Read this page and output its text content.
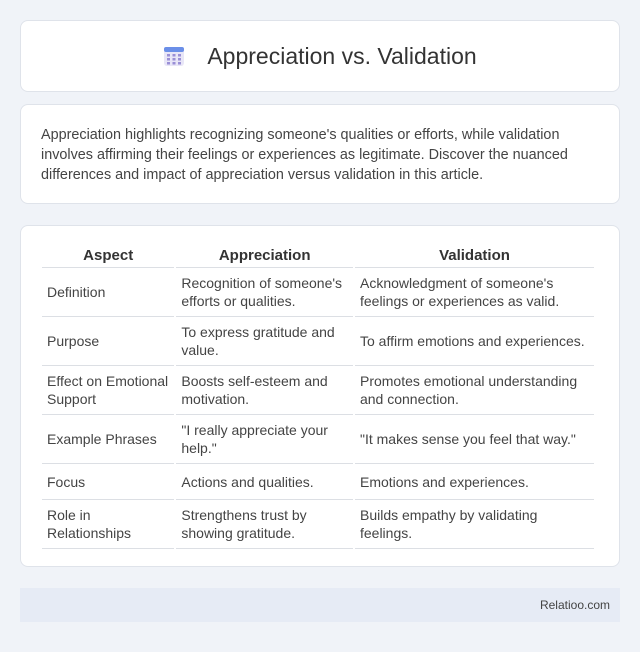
Appreciation vs. Validation

Appreciation highlights recognizing someone's qualities or efforts, while validation involves affirming their feelings or experiences as legitimate. Discover the nuanced differences and impact of appreciation versus validation in this article.

Aspect	Appreciation	Validation
Definition	Recognition of someone's efforts or qualities.	Acknowledgment of someone's feelings or experiences as valid.
Purpose	To express gratitude and value.	To affirm emotions and experiences.
Effect on Emotional Support	Boosts self-esteem and motivation.	Promotes emotional understanding and connection.
Example Phrases	"I really appreciate your help."	"It makes sense you feel that way."
Focus	Actions and qualities.	Emotions and experiences.
Role in Relationships	Strengthens trust by showing gratitude.	Builds empathy by validating feelings.
Relatioo.com
